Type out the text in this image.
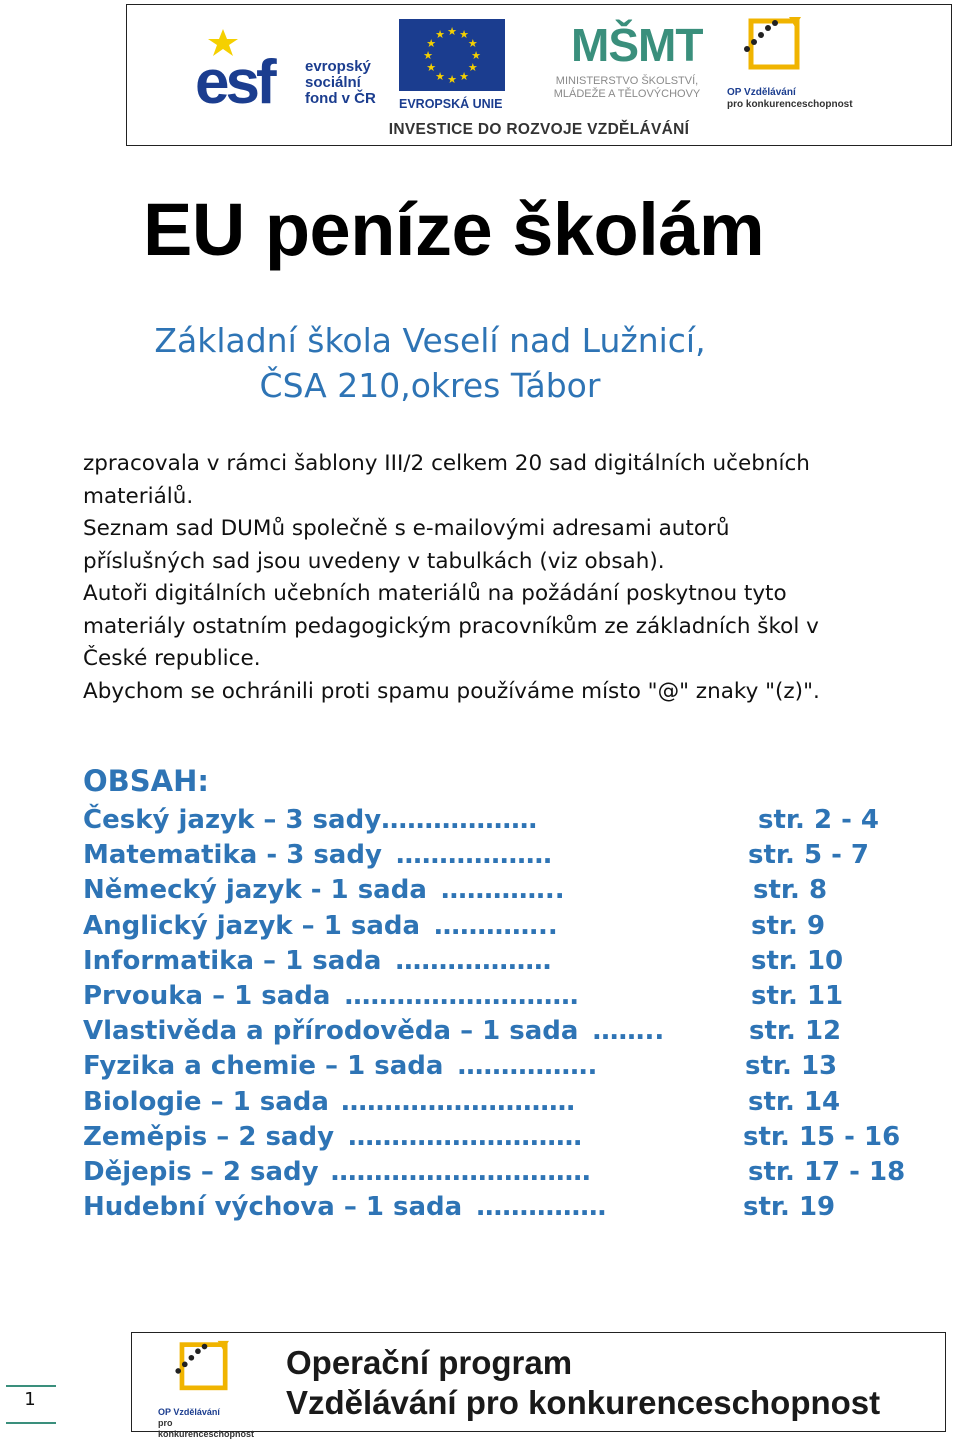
esf evropský
sociální
fond v ČR
★
★
★
★
★
★
★
★
★ ★ ★
★
EVROPSKÁ UNIE
MŠMT
MINISTERSTVO ŠKOLSTVÍ,
MLÁDEŽE A TĚLOVÝCHOVY	OP Vzdělávání
pro konkurenceschopnost
INVESTICE DO ROZVOJE VZDĚLÁVÁNÍ
EU peníze školám
Základní škola Veselí nad Lužnicí,
ČSA 210,okres Tábor

zpracovala v rámci šablony III/2 celkem 20 sad digitálních učebních

materiálů.

Seznam sad DUMů společně s e-mailovými adresami autorů

příslušných sad jsou uvedeny v tabulkách (viz obsah).

Autoři digitálních učebních materiálů na požádání poskytnou tyto

materiály ostatním pedagogickým pracovníkům ze základních škol v

České republice.

Abychom se ochránili proti spamu používáme místo "@" znaky "(z)".

OBSAH:
Český jazyk – 3 sady………………	str. 2 - 4
Matematika - 3 sady ………………	str. 5 - 7
Německý jazyk - 1 sada …………..	str. 8
Anglický jazyk – 1 sada …………..	str. 9
Informatika – 1 sada ………………	str. 10
Prvouka – 1 sada ………………………	str. 11
Vlastivěda a přírodověda – 1 sada ……..	str. 12
Fyzika a chemie – 1 sada …………….	str. 13
Biologie – 1 sada ………………………	str. 14
Zeměpis – 2 sady ………………………	str. 15 - 16
Dějepis – 2 sady …………………………	str. 17 - 18
Hudební výchova – 1 sada ……………	str. 19
1
OP Vzdělávání
pro konkurenceschopnost
Operační program
Vzdělávání pro konkurenceschopnost
